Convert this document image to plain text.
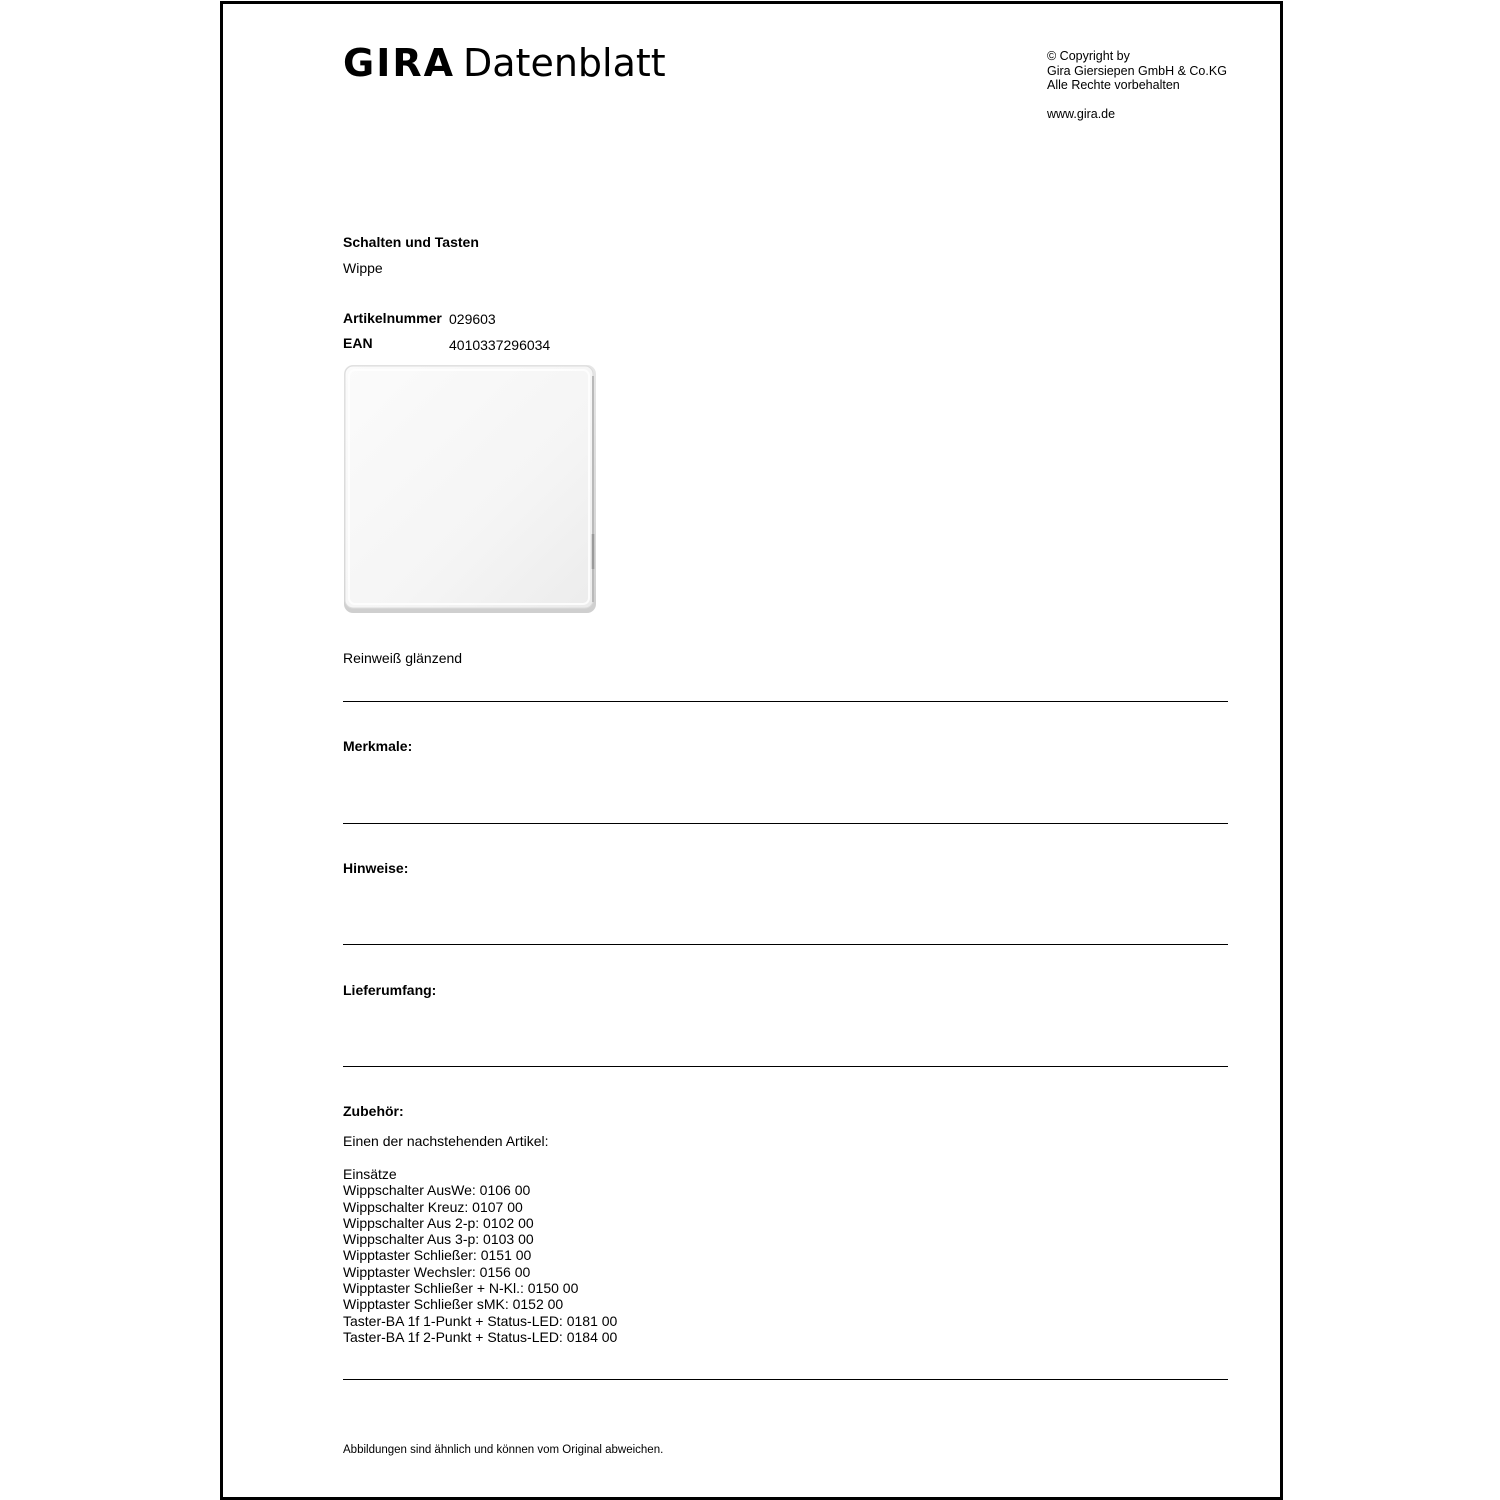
GIRA Datenblatt	© Copyright by
Gira Giersiepen GmbH & Co.KG
Alle Rechte vorbehalten
www.gira.de
Schalten und Tasten
Wippe
Artikelnummer 029603
EAN	4010337296034
Reinweiß glänzend
Merkmale:
Hinweise:
Lieferumfang:
Zubehör:
Einen der nachstehenden Artikel:
Einsätze
Wippschalter AusWe: 0106 00
Wippschalter Kreuz: 0107 00
Wippschalter Aus 2-p: 0102 00
Wippschalter Aus 3-p: 0103 00
Wipptaster Schließer: 0151 00
Wipptaster Wechsler: 0156 00
Wipptaster Schließer + N-Kl.: 0150 00
Wipptaster Schließer sMK: 0152 00
Taster-BA 1f 1-Punkt + Status-LED: 0181 00
Taster-BA 1f 2-Punkt + Status-LED: 0184 00
Abbildungen sind ähnlich und können vom Original abweichen.
